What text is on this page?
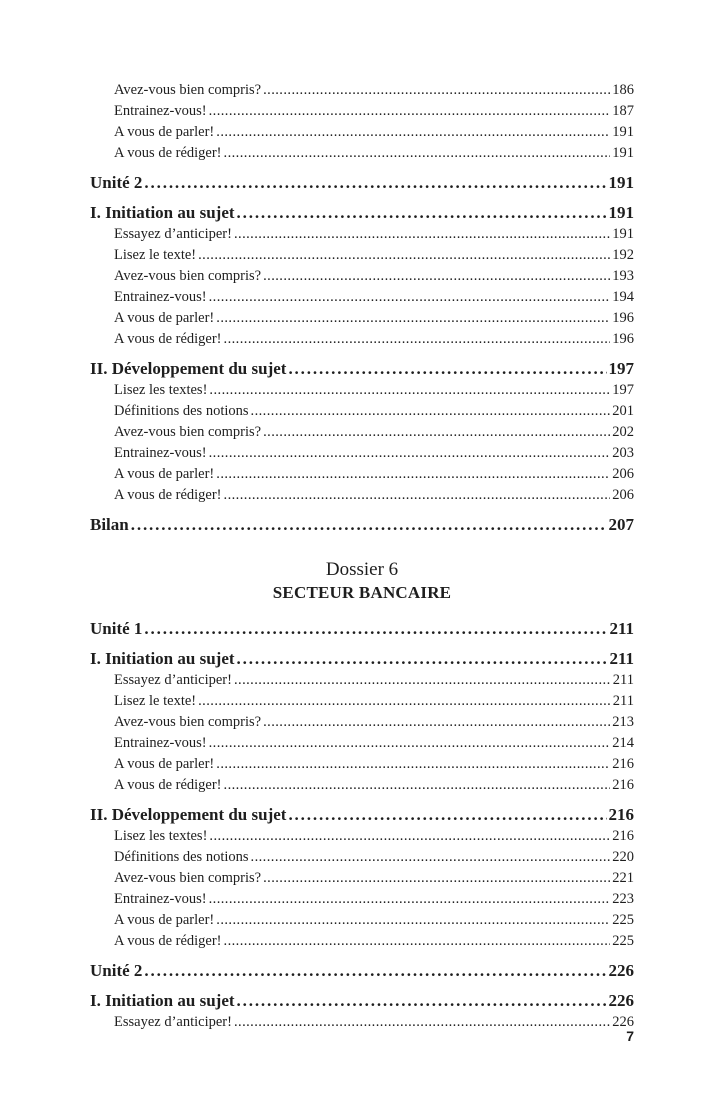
Avez-vous bien compris? . . .	186
Entrainez-vous! . . .	187
A vous de parler! . . .	191
A vous de rédiger! . . .	191
Unité 2 . . .	191
I. Initiation au sujet . . .	191
Essayez d’anticiper! . . .	191
Lisez le texte! . . .	192
Avez-vous bien compris? . . .	193
Entrainez-vous! . . .	194
A vous de parler! . . .	196
A vous de rédiger! . . .	196
II. Développement du sujet . . .	197
Lisez les textes! . . .	197
Définitions des notions . . .	201
Avez-vous bien compris? . . .	202
Entrainez-vous! . . .	203
A vous de parler! . . .	206
A vous de rédiger! . . .	206
Bilan . . .	207
Dossier 6
SECTEUR BANCAIRE
Unité 1 . . .	211
I. Initiation au sujet . . .	211
Essayez d’anticiper! . . .	211
Lisez le texte! . . .	211
Avez-vous bien compris? . . .	213
Entrainez-vous! . . .	214
A vous de parler! . . .	216
A vous de rédiger! . . .	216
II. Développement du sujet . . .	216
Lisez les textes! . . .	216
Définitions des notions . . .	220
Avez-vous bien compris? . . .	221
Entrainez-vous! . . .	223
A vous de parler! . . .	225
A vous de rédiger! . . .	225
Unité 2 . . .	226
I. Initiation au sujet . . .	226
Essayez d’anticiper! . . .	226
7
